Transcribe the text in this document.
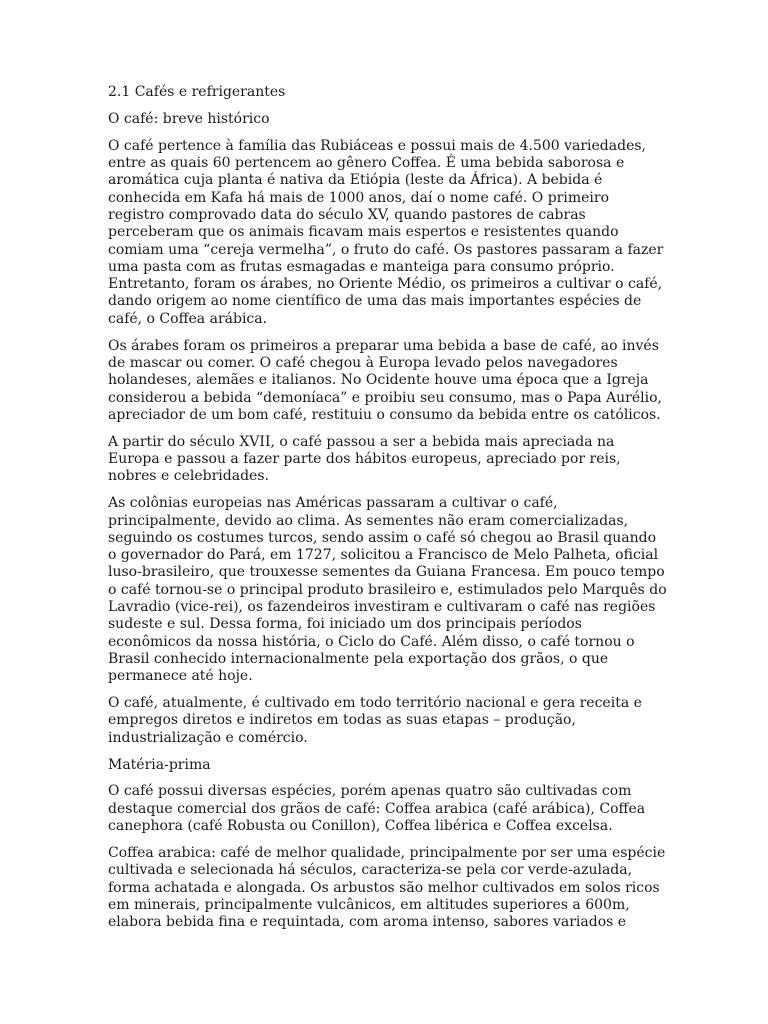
2.1 Cafés e refrigerantes

O café: breve histórico

O café pertence à família das Rubiáceas e possui mais de 4.500 variedades, entre as quais 60 pertencem ao gênero Coffea. É uma bebida saborosa e aromática cuja planta é nativa da Etiópia (leste da África). A bebida é conhecida em Kafa há mais de 1000 anos, daí o nome café. O primeiro registro comprovado data do século XV, quando pastores de cabras perceberam que os animais ficavam mais espertos e resistentes quando comiam uma “cereja vermelha”, o fruto do café. Os pastores passaram a fazer uma pasta com as frutas esmagadas e manteiga para consumo próprio. Entretanto, foram os árabes, no Oriente Médio, os primeiros a cultivar o café, dando origem ao nome científico de uma das mais importantes espécies de café, o Coffea arábica.

Os árabes foram os primeiros a preparar uma bebida a base de café, ao invés de mascar ou comer. O café chegou à Europa levado pelos navegadores holandeses, alemães e italianos. No Ocidente houve uma época que a Igreja considerou a bebida “demoníaca” e proibiu seu consumo, mas o Papa Aurélio, apreciador de um bom café, restituiu o consumo da bebida entre os católicos.

A partir do século XVII, o café passou a ser a bebida mais apreciada na Europa e passou a fazer parte dos hábitos europeus, apreciado por reis, nobres e celebridades.

As colônias europeias nas Américas passaram a cultivar o café, principalmente, devido ao clima. As sementes não eram comercializadas, seguindo os costumes turcos, sendo assim o café só chegou ao Brasil quando o governador do Pará, em 1727, solicitou a Francisco de Melo Palheta, oficial luso-brasileiro, que trouxesse sementes da Guiana Francesa. Em pouco tempo o café tornou-se o principal produto brasileiro e, estimulados pelo Marquês do Lavradio (vice-rei), os fazendeiros investiram e cultivaram o café nas regiões sudeste e sul. Dessa forma, foi iniciado um dos principais períodos econômicos da nossa história, o Ciclo do Café. Além disso, o café tornou o Brasil conhecido internacionalmente pela exportação dos grãos, o que permanece até hoje.

O café, atualmente, é cultivado em todo território nacional e gera receita e empregos diretos e indiretos em todas as suas etapas – produção, industrialização e comércio.

Matéria-prima

O café possui diversas espécies, porém apenas quatro são cultivadas com destaque comercial dos grãos de café: Coffea arabica (café arábica), Coffea canephora (café Robusta ou Conillon), Coffea libérica e Coffea excelsa.

Coffea arabica: café de melhor qualidade, principalmente por ser uma espécie cultivada e selecionada há séculos, caracteriza-se pela cor verde-azulada, forma achatada e alongada. Os arbustos são melhor cultivados em solos ricos em minerais, principalmente vulcânicos, em altitudes superiores a 600m, elabora bebida fina e requintada, com aroma intenso, sabores variados e
